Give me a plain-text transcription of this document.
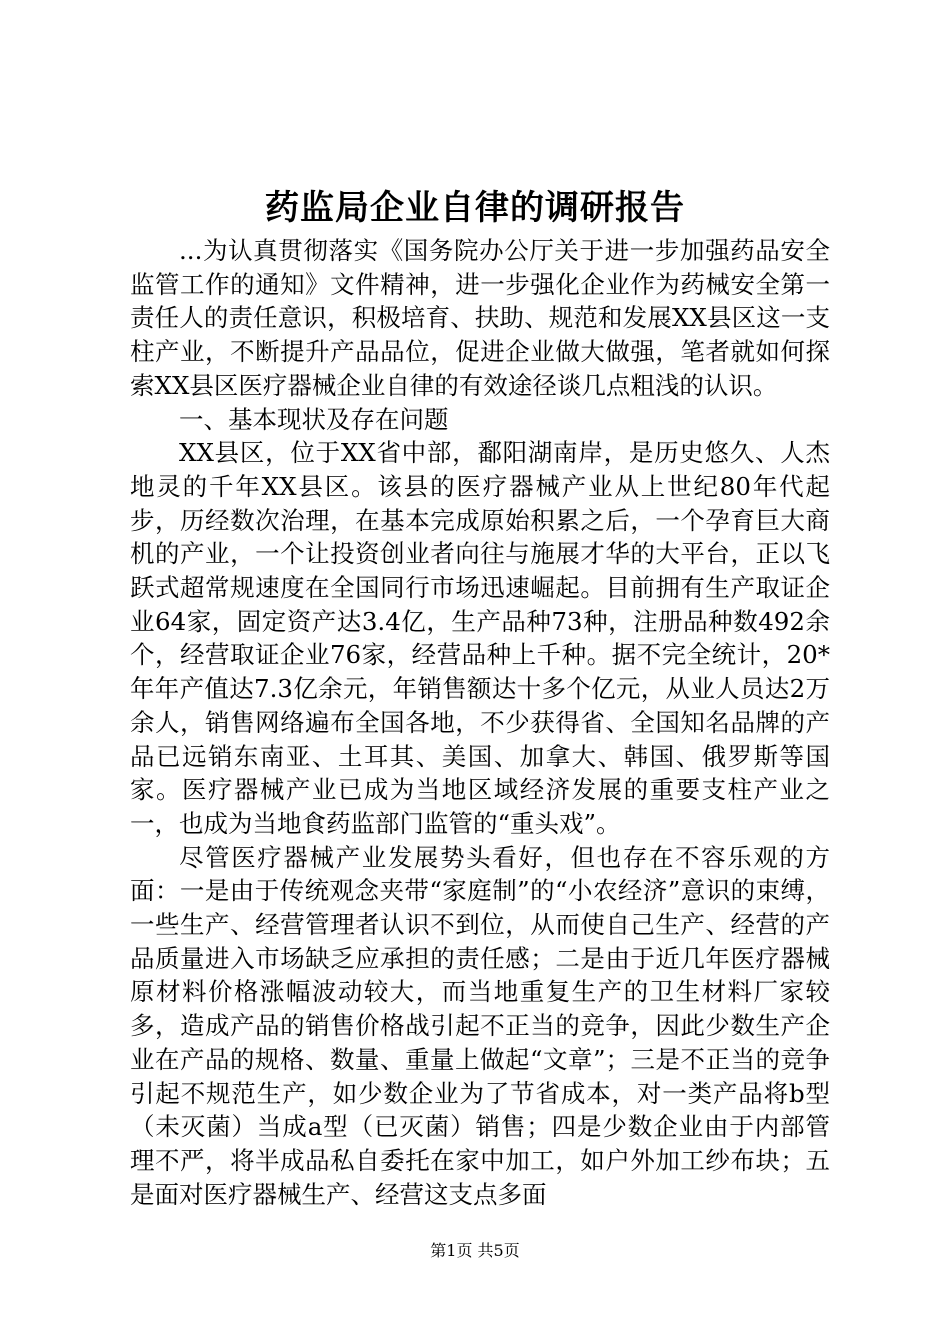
药监局企业自律的调研报告

...为认真贯彻落实《国务院办公厅关于进一步加强药品安全监管工作的通知》文件精神，进一步强化企业作为药械安全第一责任人的责任意识，积极培育、扶助、规范和发展XX县区这一支柱产业，不断提升产品品位，促进企业做大做强，笔者就如何探索XX县区医疗器械企业自律的有效途径谈几点粗浅的认识。

一、基本现状及存在问题

XX县区，位于XX省中部，鄱阳湖南岸，是历史悠久、人杰地灵的千年XX县区。该县的医疗器械产业从上世纪80年代起步，历经数次治理，在基本完成原始积累之后，一个孕育巨大商机的产业，一个让投资创业者向往与施展才华的大平台，正以飞跃式超常规速度在全国同行市场迅速崛起。目前拥有生产取证企业64家，固定资产达3.4亿，生产品种73种，注册品种数492余个，经营取证企业76家，经营品种上千种。据不完全统计，20*年年产值达7.3亿余元，年销售额达十多个亿元，从业人员达2万余人，销售网络遍布全国各地，不少获得省、全国知名品牌的产品已远销东南亚、土耳其、美国、加拿大、韩国、俄罗斯等国家。医疗器械产业已成为当地区域经济发展的重要支柱产业之一，也成为当地食药监部门监管的“重头戏”。

尽管医疗器械产业发展势头看好，但也存在不容乐观的方面：一是由于传统观念夹带“家庭制”的“小农经济”意识的束缚，一些生产、经营管理者认识不到位，从而使自己生产、经营的产品质量进入市场缺乏应承担的责任感；二是由于近几年医疗器械原材料价格涨幅波动较大，而当地重复生产的卫生材料厂家较多，造成产品的销售价格战引起不正当的竞争，因此少数生产企业在产品的规格、数量、重量上做起“文章”；三是不正当的竞争引起不规范生产，如少数企业为了节省成本，对一类产品将b型（未灭菌）当成a型（已灭菌）销售；四是少数企业由于内部管理不严，将半成品私自委托在家中加工，如户外加工纱布块；五是面对医疗器械生产、经营这支点多面

第1页 共5页
